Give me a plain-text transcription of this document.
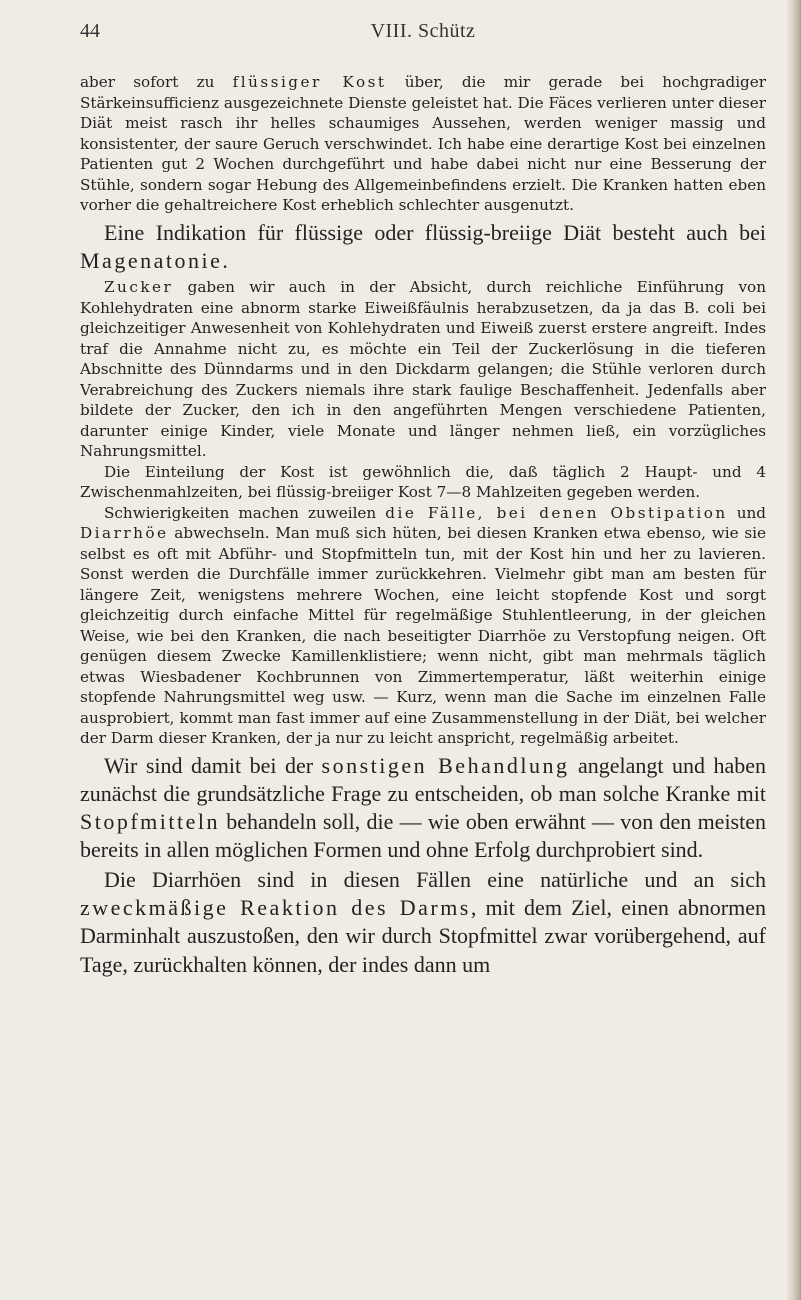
44	VIII. Schütz

aber sofort zu flüssiger Kost über, die mir gerade bei hochgradiger Stärkeinsufficienz ausgezeichnete Dienste geleistet hat. Die Fäces verlieren unter dieser Diät meist rasch ihr helles schaumiges Aussehen, werden weniger massig und konsistenter, der saure Geruch verschwindet. Ich habe eine derartige Kost bei einzelnen Patienten gut 2 Wochen durchgeführt und habe dabei nicht nur eine Besserung der Stühle, sondern sogar Hebung des Allgemeinbefindens erzielt. Die Kranken hatten eben vorher die gehaltreichere Kost erheblich schlechter ausgenutzt.

Eine Indikation für flüssige oder flüssig-breiige Diät besteht auch bei Magenatonie.

Zucker gaben wir auch in der Absicht, durch reichliche Einführung von Kohlehydraten eine abnorm starke Eiweißfäulnis herabzusetzen, da ja das B. coli bei gleichzeitiger Anwesenheit von Kohlehydraten und Eiweiß zuerst erstere angreift. Indes traf die Annahme nicht zu, es möchte ein Teil der Zuckerlösung in die tieferen Abschnitte des Dünndarms und in den Dickdarm gelangen; die Stühle verloren durch Verabreichung des Zuckers niemals ihre stark faulige Beschaffenheit. Jedenfalls aber bildete der Zucker, den ich in den angeführten Mengen verschiedene Patienten, darunter einige Kinder, viele Monate und länger nehmen ließ, ein vorzügliches Nahrungsmittel.

Die Einteilung der Kost ist gewöhnlich die, daß täglich 2 Haupt- und 4 Zwischenmahlzeiten, bei flüssig-breiiger Kost 7—8 Mahlzeiten gegeben werden.

Schwierigkeiten machen zuweilen die Fälle, bei denen Obstipation und Diarrhöe abwechseln. Man muß sich hüten, bei diesen Kranken etwa ebenso, wie sie selbst es oft mit Abführ- und Stopfmitteln tun, mit der Kost hin und her zu lavieren. Sonst werden die Durchfälle immer zurückkehren. Vielmehr gibt man am besten für längere Zeit, wenigstens mehrere Wochen, eine leicht stopfende Kost und sorgt gleichzeitig durch einfache Mittel für regelmäßige Stuhlentleerung, in der gleichen Weise, wie bei den Kranken, die nach beseitigter Diarrhöe zu Verstopfung neigen. Oft genügen diesem Zwecke Kamillenklistiere; wenn nicht, gibt man mehrmals täglich etwas Wiesbadener Kochbrunnen von Zimmertemperatur, läßt weiterhin einige stopfende Nahrungsmittel weg usw. — Kurz, wenn man die Sache im einzelnen Falle ausprobiert, kommt man fast immer auf eine Zusammenstellung in der Diät, bei welcher der Darm dieser Kranken, der ja nur zu leicht anspricht, regelmäßig arbeitet.

Wir sind damit bei der sonstigen Behandlung angelangt und haben zunächst die grundsätzliche Frage zu entscheiden, ob man solche Kranke mit Stopfmitteln behandeln soll, die — wie oben erwähnt — von den meisten bereits in allen möglichen Formen und ohne Erfolg durchprobiert sind.

Die Diarrhöen sind in diesen Fällen eine natürliche und an sich zweckmäßige Reaktion des Darms, mit dem Ziel, einen abnormen Darminhalt auszustoßen, den wir durch Stopfmittel zwar vorübergehend, auf Tage, zurückhalten können, der indes dann um
